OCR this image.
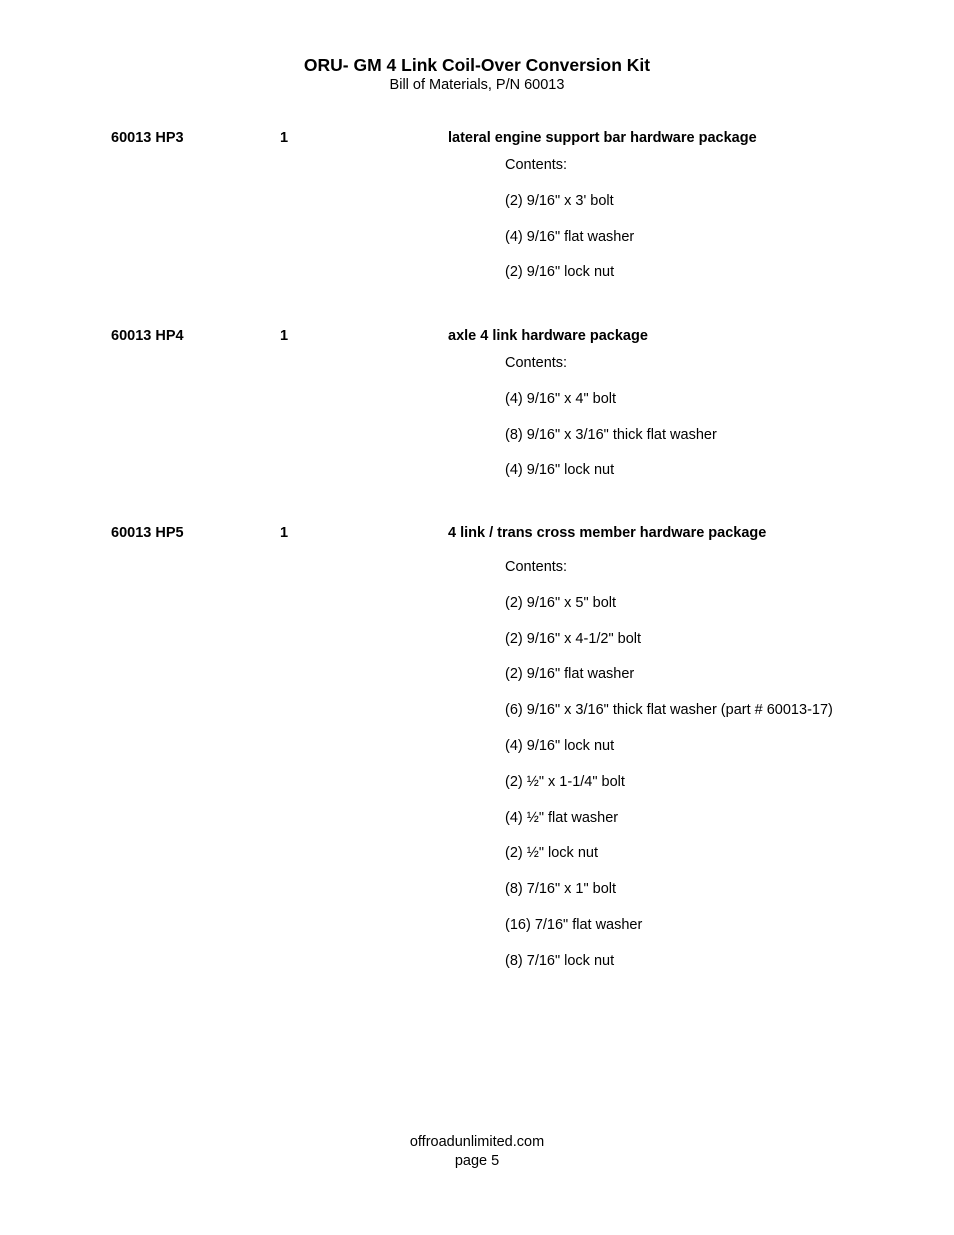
ORU- GM 4 Link Coil-Over Conversion Kit

Bill of Materials, P/N 60013

60013 HP3	1	lateral engine support bar hardware package
Contents:
(2) 9/16" x 3' bolt
(4) 9/16" flat washer
(2) 9/16" lock nut
60013 HP4	1	axle 4 link hardware package
Contents:
(4) 9/16" x 4" bolt
(8) 9/16" x 3/16" thick flat washer
(4) 9/16" lock nut
60013 HP5	1	4 link / trans cross member hardware package
Contents:
(2) 9/16" x 5" bolt
(2) 9/16" x 4-1/2" bolt
(2) 9/16" flat washer
(6) 9/16" x 3/16" thick flat washer (part # 60013-17)
(4) 9/16" lock nut
(2) ½" x 1-1/4" bolt
(4) ½" flat washer
(2) ½" lock nut
(8) 7/16" x 1" bolt
(16) 7/16" flat washer
(8) 7/16" lock nut
offroadunlimited.com
page 5
